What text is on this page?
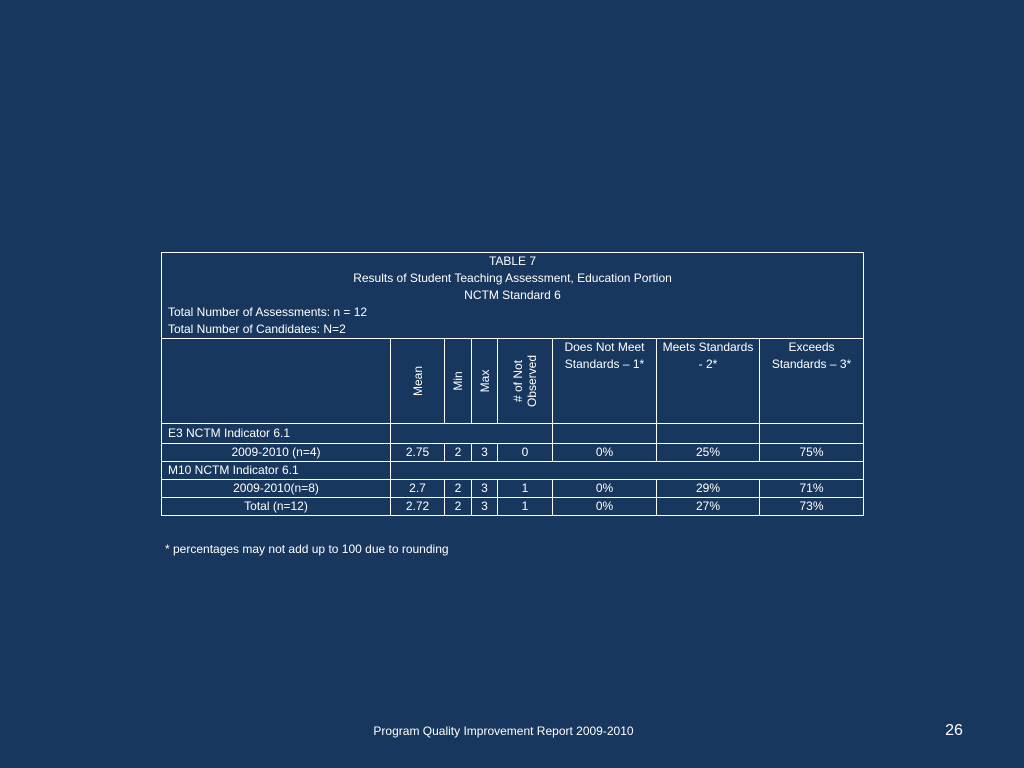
TABLE 7
Results of Student Teaching Assessment, Education Portion
NCTM Standard 6
Total Number of Assessments: n = 12
Total Number of Candidates: N=2							

	Mean	Min	Max	# of Not Observed	Does Not Meet Standards – 1*	Meets Standards - 2*	Exceeds Standards – 3*
E3 NCTM Indicator 6.1							
2009-2010 (n=4)	2.75	2	3	0	0%	25%	75%
M10 NCTM Indicator 6.1							
2009-2010(n=8)	2.7	2	3	1	0%	29%	71%
Total (n=12)	2.72	2	3	1	0%	27%	73%
* percentages may not add up to 100 due to rounding
Program Quality Improvement Report 2009-2010	26
